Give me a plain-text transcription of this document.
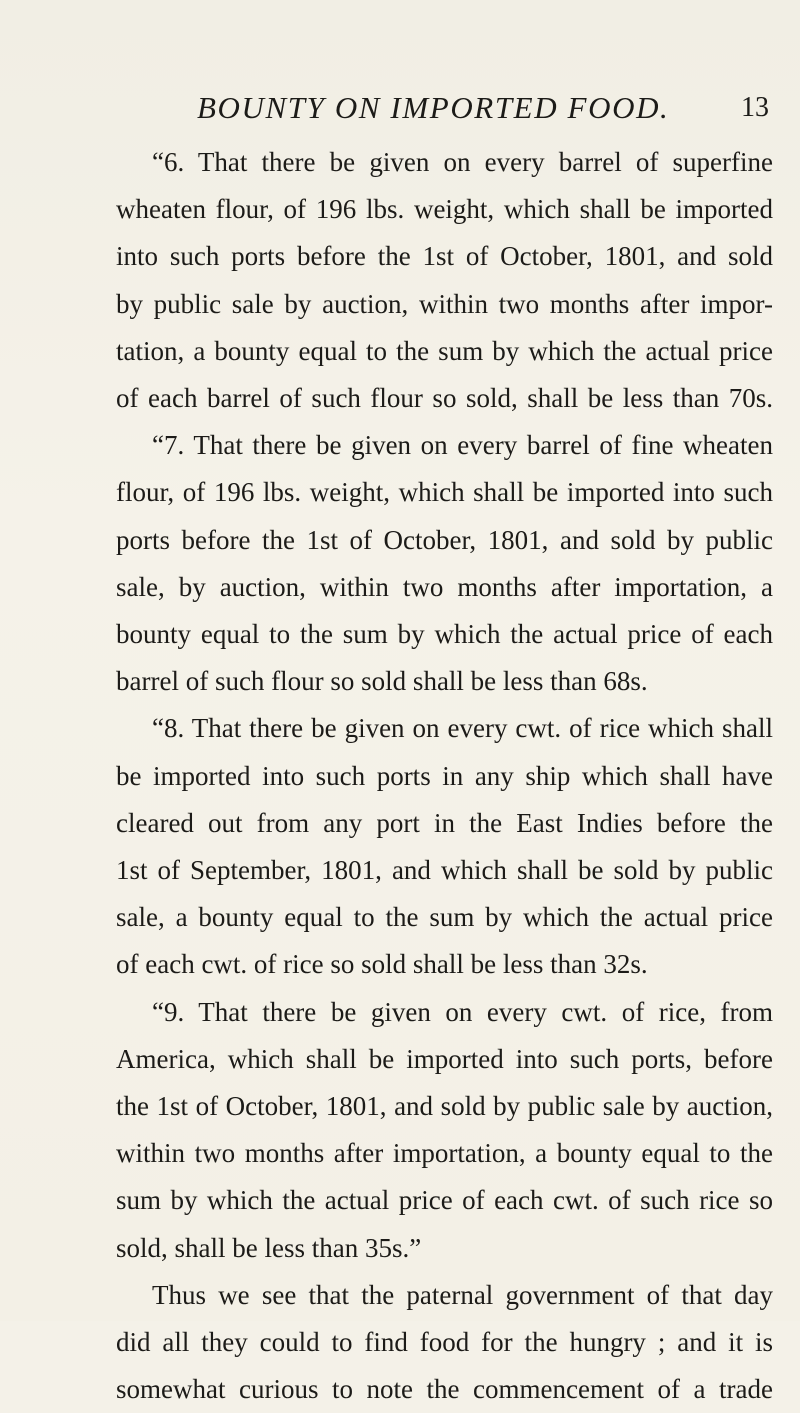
BOUNTY ON IMPORTED FOOD.	13
“6. That there be given on every barrel of superfine
wheaten flour, of 196 lbs. weight, which shall be imported
into such ports before the 1st of October, 1801, and sold
by public sale by auction, within two months after impor-
tation, a bounty equal to the sum by which the actual price
of each barrel of such flour so sold, shall be less than 70s.
“7. That there be given on every barrel of fine wheaten
flour, of 196 lbs. weight, which shall be imported into such
ports before the 1st of October, 1801, and sold by public
sale, by auction, within two months after importation, a
bounty equal to the sum by which the actual price of each
barrel of such flour so sold shall be less than 68s.
“8. That there be given on every cwt. of rice which shall
be imported into such ports in any ship which shall have
cleared out from any port in the East Indies before the
1st of September, 1801, and which shall be sold by public
sale, a bounty equal to the sum by which the actual price
of each cwt. of rice so sold shall be less than 32s.
“9. That there be given on every cwt. of rice, from
America, which shall be imported into such ports, before
the 1st of October, 1801, and sold by public sale by auction,
within two months after importation, a bounty equal to the
sum by which the actual price of each cwt. of such rice so
sold, shall be less than 35s.”
Thus we see that the paternal government of that day
did all they could to find food for the hungry ; and it is
somewhat curious to note the commencement of a trade
